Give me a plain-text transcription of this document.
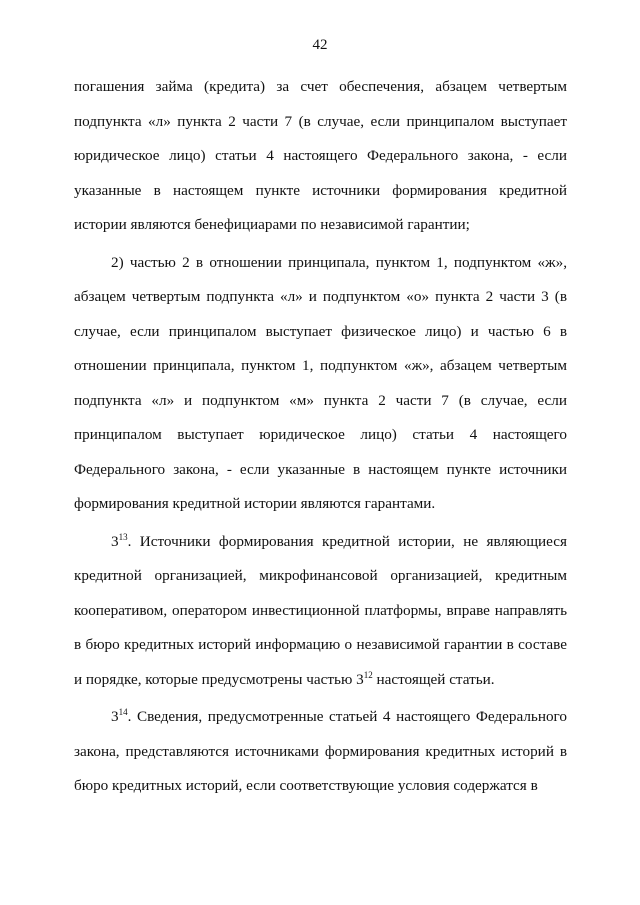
42

погашения займа (кредита) за счет обеспечения, абзацем четвертым подпункта «л» пункта 2 части 7 (в случае, если принципалом выступает юридическое лицо) статьи 4 настоящего Федерального закона, - если указанные в настоящем пункте источники формирования кредитной истории являются бенефициарами по независимой гарантии;

2) частью 2 в отношении принципала, пунктом 1, подпунктом «ж», абзацем четвертым подпункта «л» и подпунктом «о» пункта 2 части 3 (в случае, если принципалом выступает физическое лицо) и частью 6 в отношении принципала, пунктом 1, подпунктом «ж», абзацем четвертым подпункта «л» и подпунктом «м» пункта 2 части 7 (в случае, если принципалом выступает юридическое лицо) статьи 4 настоящего Федерального закона, - если указанные в настоящем пункте источники формирования кредитной истории являются гарантами.

$3^{13}$. Источники формирования кредитной истории, не являющиеся кредитной организацией, микрофинансовой организацией, кредитным кооперативом, оператором инвестиционной платформы, вправе направлять в бюро кредитных историй информацию о независимой гарантии в составе и порядке, которые предусмотрены частью $3^{12}$ настоящей статьи.

$3^{14}$. Сведения, предусмотренные статьей 4 настоящего Федерального закона, представляются источниками формирования кредитных историй в бюро кредитных историй, если соответствующие условия содержатся в
